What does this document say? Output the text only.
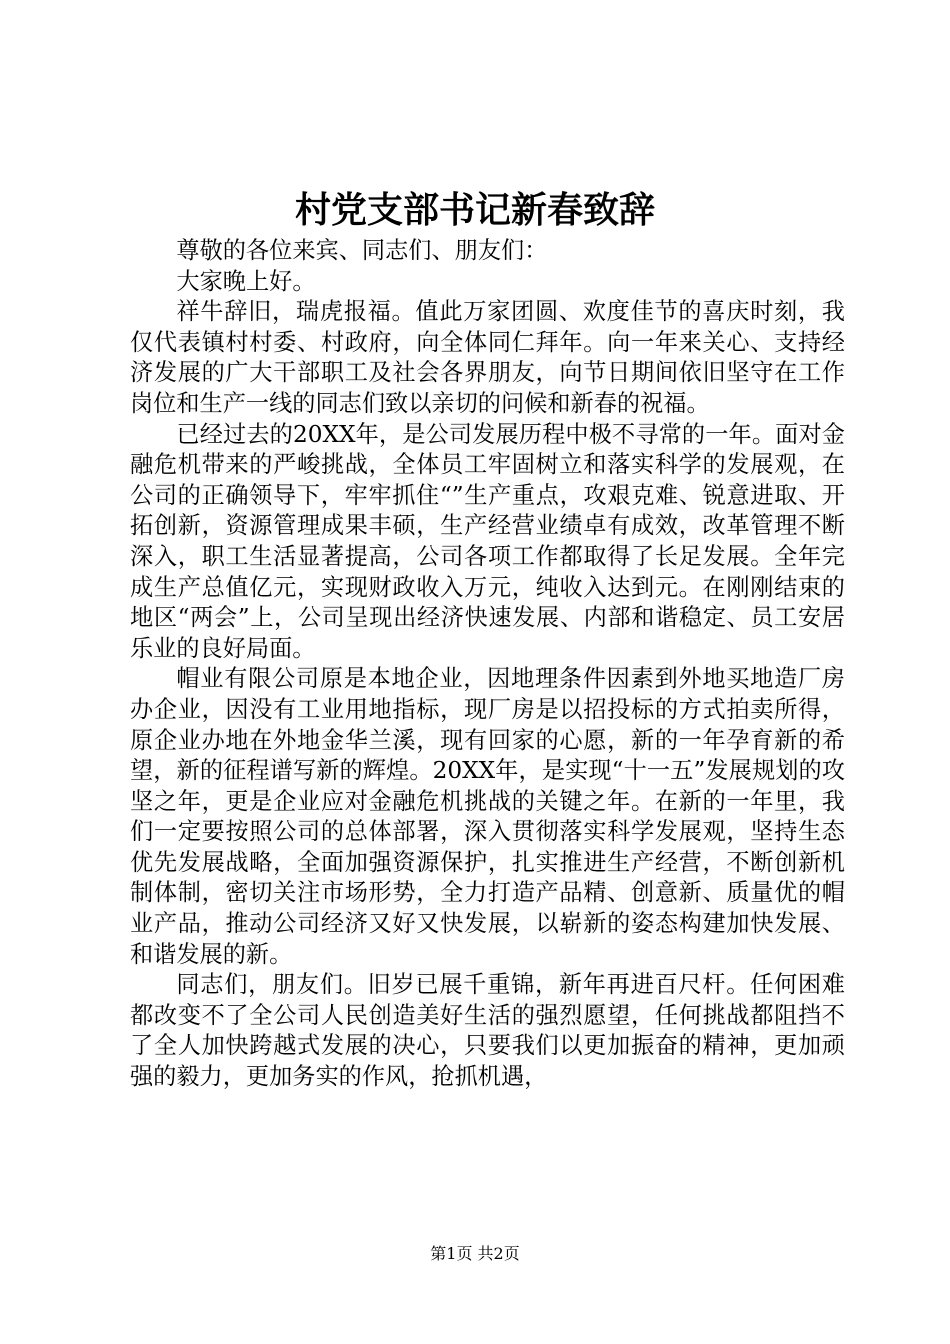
村党支部书记新春致辞

尊敬的各位来宾、同志们、朋友们：

大家晚上好。

祥牛辞旧，瑞虎报福。值此万家团圆、欢度佳节的喜庆时刻，我仅代表镇村村委、村政府，向全体同仁拜年。向一年来关心、支持经济发展的广大干部职工及社会各界朋友，向节日期间依旧坚守在工作岗位和生产一线的同志们致以亲切的问候和新春的祝福。

已经过去的20XX年，是公司发展历程中极不寻常的一年。面对金融危机带来的严峻挑战，全体员工牢固树立和落实科学的发展观，在公司的正确领导下，牢牢抓住“”生产重点，攻艰克难、锐意进取、开拓创新，资源管理成果丰硕，生产经营业绩卓有成效，改革管理不断深入，职工生活显著提高，公司各项工作都取得了长足发展。全年完成生产总值亿元，实现财政收入万元，纯收入达到元。在刚刚结束的地区“两会”上，公司呈现出经济快速发展、内部和谐稳定、员工安居乐业的良好局面。

帽业有限公司原是本地企业，因地理条件因素到外地买地造厂房办企业，因没有工业用地指标，现厂房是以招投标的方式拍卖所得，原企业办地在外地金华兰溪，现有回家的心愿，新的一年孕育新的希望，新的征程谱写新的辉煌。20XX年，是实现“十一五”发展规划的攻坚之年，更是企业应对金融危机挑战的关键之年。在新的一年里，我们一定要按照公司的总体部署，深入贯彻落实科学发展观，坚持生态优先发展战略，全面加强资源保护，扎实推进生产经营，不断创新机制体制，密切关注市场形势，全力打造产品精、创意新、质量优的帽业产品，推动公司经济又好又快发展，以崭新的姿态构建加快发展、和谐发展的新。

同志们，朋友们。旧岁已展千重锦，新年再进百尺杆。任何困难都改变不了全公司人民创造美好生活的强烈愿望，任何挑战都阻挡不了全人加快跨越式发展的决心，只要我们以更加振奋的精神，更加顽强的毅力，更加务实的作风，抢抓机遇，

第1页 共2页
